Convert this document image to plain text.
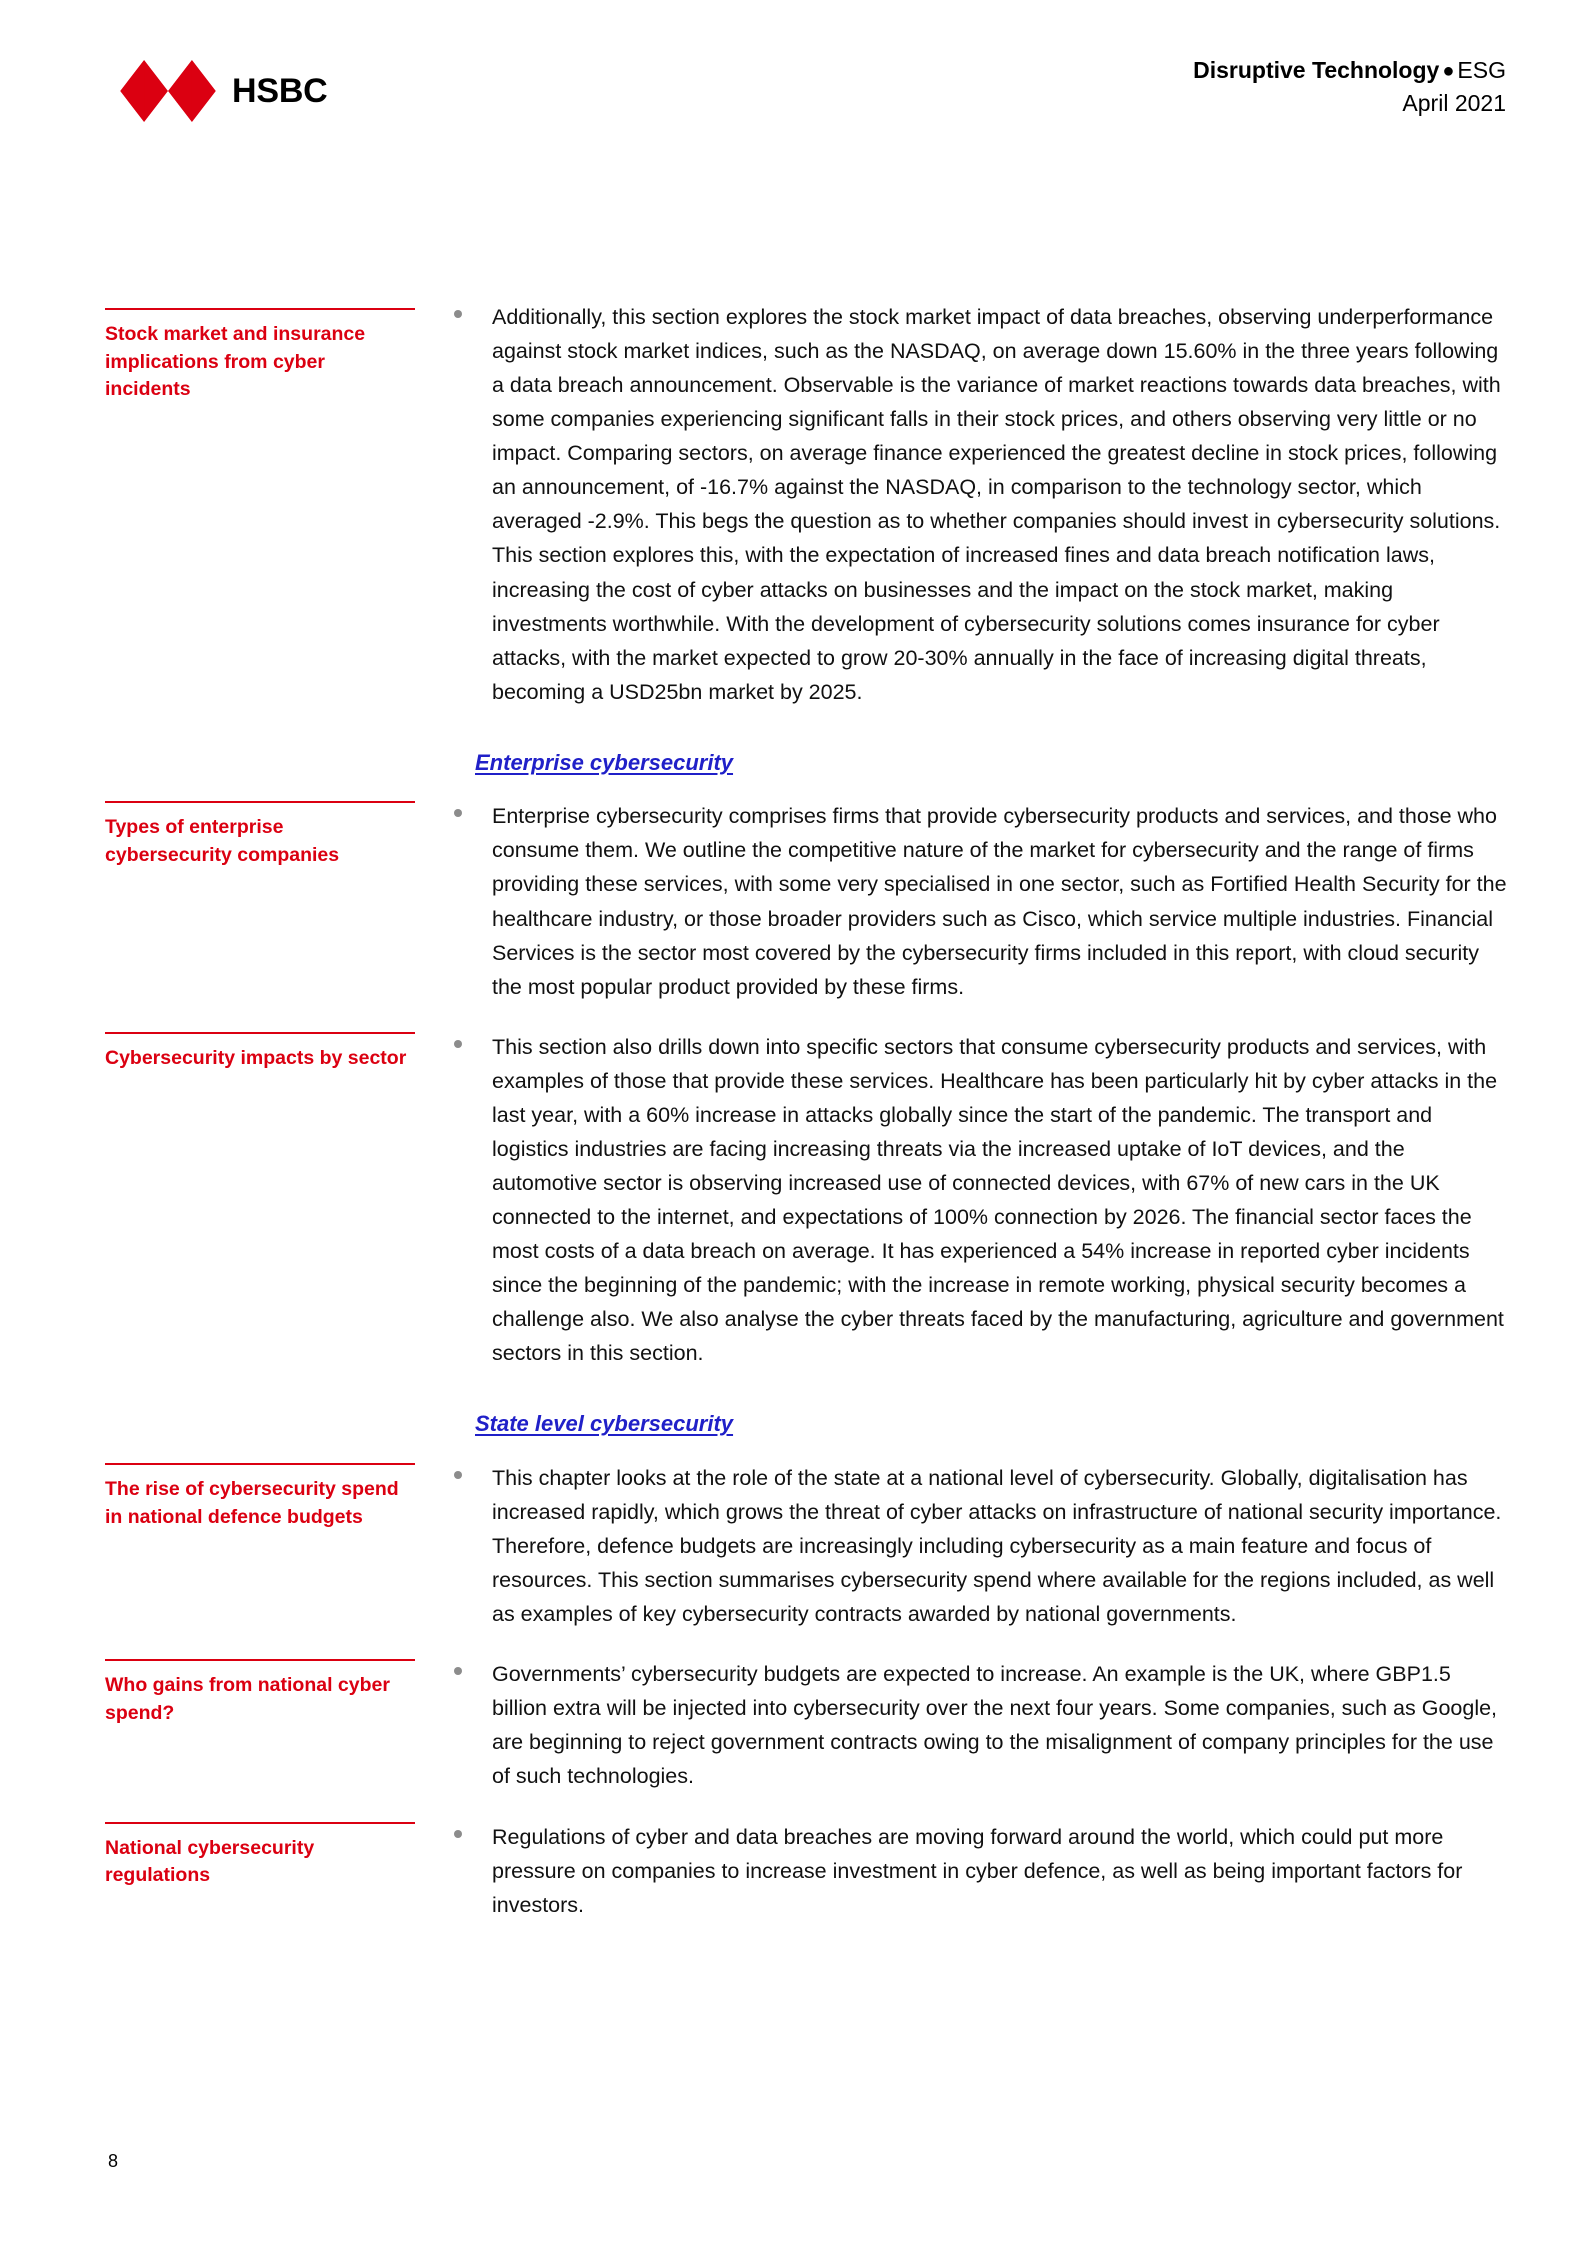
HSBC
Disruptive Technology ● ESG
April 2021
Stock market and insurance implications from cyber incidents
Additionally, this section explores the stock market impact of data breaches, observing underperformance against stock market indices, such as the NASDAQ, on average down 15.60% in the three years following a data breach announcement. Observable is the variance of market reactions towards data breaches, with some companies experiencing significant falls in their stock prices, and others observing very little or no impact. Comparing sectors, on average finance experienced the greatest decline in stock prices, following an announcement, of -16.7% against the NASDAQ, in comparison to the technology sector, which averaged -2.9%. This begs the question as to whether companies should invest in cybersecurity solutions. This section explores this, with the expectation of increased fines and data breach notification laws, increasing the cost of cyber attacks on businesses and the impact on the stock market, making investments worthwhile. With the development of cybersecurity solutions comes insurance for cyber attacks, with the market expected to grow 20-30% annually in the face of increasing digital threats, becoming a USD25bn market by 2025.
Enterprise cybersecurity
Types of enterprise cybersecurity companies
Enterprise cybersecurity comprises firms that provide cybersecurity products and services, and those who consume them. We outline the competitive nature of the market for cybersecurity and the range of firms providing these services, with some very specialised in one sector, such as Fortified Health Security for the healthcare industry, or those broader providers such as Cisco, which service multiple industries. Financial Services is the sector most covered by the cybersecurity firms included in this report, with cloud security the most popular product provided by these firms.
Cybersecurity impacts by sector	This section also drills down into specific sectors that consume cybersecurity products and services, with examples of those that provide these services. Healthcare has been particularly hit by cyber attacks in the last year, with a 60% increase in attacks globally since the start of the pandemic. The transport and logistics industries are facing increasing threats via the increased uptake of IoT devices, and the automotive sector is observing increased use of connected devices, with 67% of new cars in the UK connected to the internet, and expectations of 100% connection by 2026. The financial sector faces the most costs of a data breach on average. It has experienced a 54% increase in reported cyber incidents since the beginning of the pandemic; with the increase in remote working, physical security becomes a challenge also. We also analyse the cyber threats faced by the manufacturing, agriculture and government sectors in this section.
State level cybersecurity
The rise of cybersecurity spend in national defence budgets
This chapter looks at the role of the state at a national level of cybersecurity. Globally, digitalisation has increased rapidly, which grows the threat of cyber attacks on infrastructure of national security importance. Therefore, defence budgets are increasingly including cybersecurity as a main feature and focus of resources. This section summarises cybersecurity spend where available for the regions included, as well as examples of key cybersecurity contracts awarded by national governments.
Who gains from national cyber spend?
Governments’ cybersecurity budgets are expected to increase. An example is the UK, where GBP1.5 billion extra will be injected into cybersecurity over the next four years. Some companies, such as Google, are beginning to reject government contracts owing to the misalignment of company principles for the use of such technologies.
National cybersecurity regulations
Regulations of cyber and data breaches are moving forward around the world, which could put more pressure on companies to increase investment in cyber defence, as well as being important factors for investors.
8
